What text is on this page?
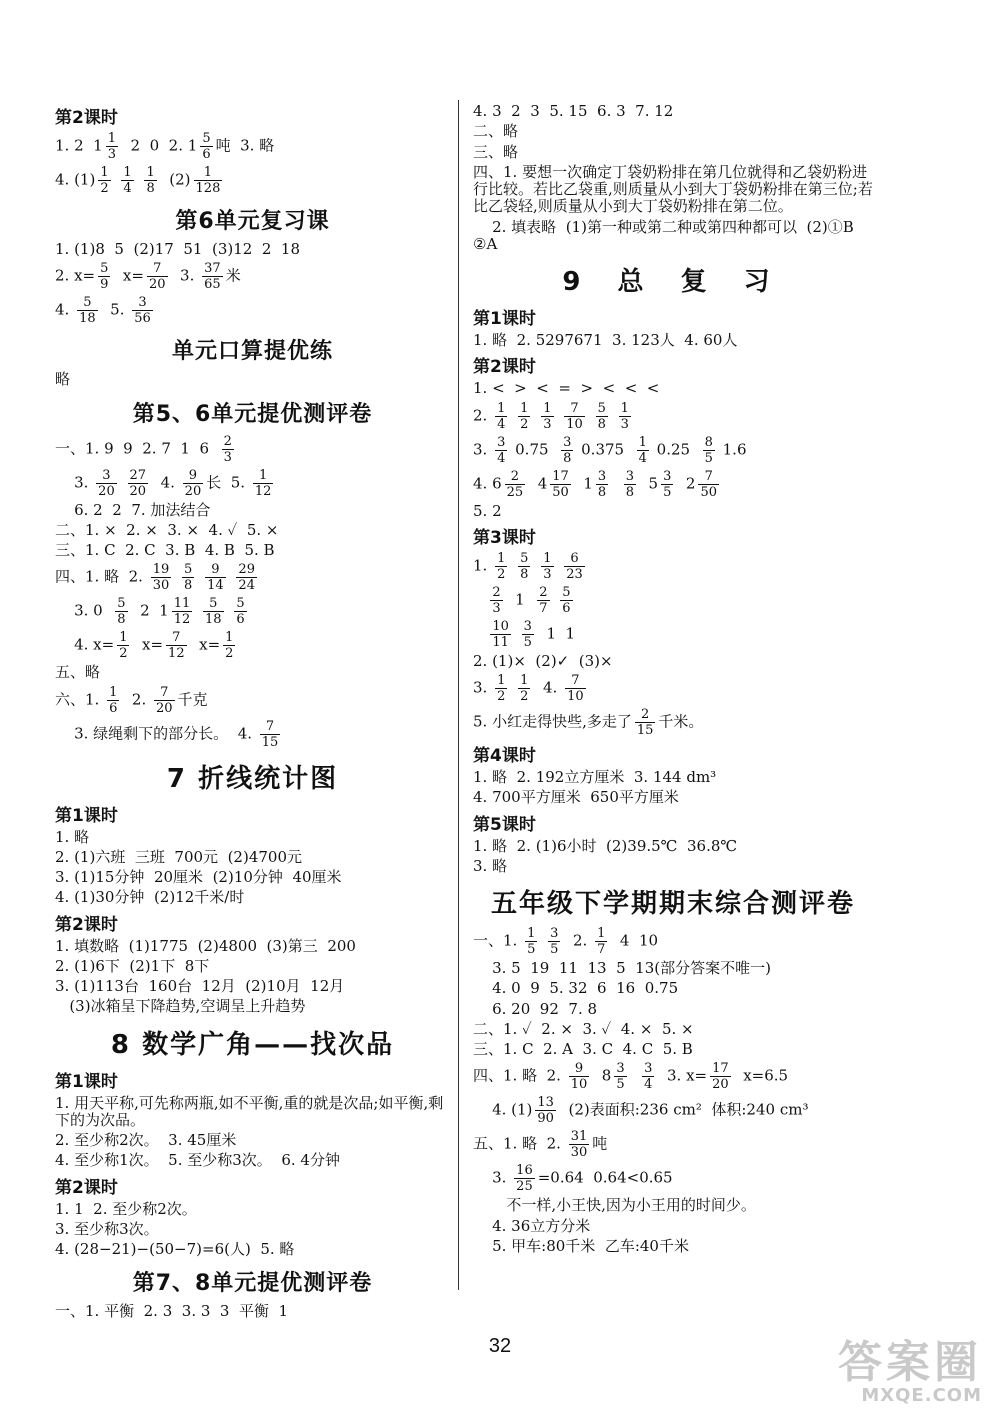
第2课时
1. 2  $1 \frac{1}{3} 2$  0  2. $1 \frac{5}{6}$ 吨  3. 略
4. $(1) \frac{1}{2}$
$\frac{1}{4}$
$\frac{1}{8} (2) \frac{1}{128}$
第6单元复习课
1. (1)8  5  (2)17  51  (3)12  2  18
2. $x= \frac{5}{9} x= \frac{7}{20} 3$. $\frac{37}{65}$ 米
4. $\frac{5}{18} 5$. $\frac{3}{56}$
单元口算提优练
略
第5、6单元提优测评卷
一、1. 9  9  2. 7  1  $6 \frac{2}{3}$
3. $\frac{3}{20}$
$\frac{27}{20} 4$. $\frac{9}{20}$ 长  5. $\frac{1}{12}$
6. 2  2  7. 加法结合
二、1. ×  2. ×  3. ×  4. ✓  5. ×
三、1. C  2. C  3. B  4. B  5. B
四、1. 略  2. $\frac{19}{30}$
$\frac{5}{8}$
$\frac{9}{14}$
$\frac{29}{24}$
3. $0 \frac{5}{8} 2$  $1 \frac{11}{12}$
$\frac{5}{18}$
$\frac{5}{6}$
4. $x= \frac{1}{2} x= \frac{7}{12} x= \frac{1}{2}$
五、略
六、1. $\frac{1}{6} 2$. $\frac{7}{20}$ 千克
3. 绿绳剩下的部分长。  4. $\frac{7}{15}$
7 折线统计图
第1课时
1. 略
2. (1)六班  三班  700元  (2)4700元
3. (1)15分钟  20厘米  (2)10分钟  40厘米
4. (1)30分钟  (2)12千米/时
第2课时
1. 填数略  (1)1775  (2)4800  (3)第三  200
2. (1)6下  (2)1下  8下
3. (1)113台  160台  12月  (2)10月  12月
(3)冰箱呈下降趋势,空调呈上升趋势
8 数学广角——找次品
第1课时
1. 用天平称,可先称两瓶,如不平衡,重的就是次品;如平衡,剩下的为次品。
2. 至少称2次。  3. 45厘米
4. 至少称1次。  5. 至少称3次。  6. 4分钟
第2课时
1. 1  2. 至少称2次。
3. 至少称3次。
4. (28−21)−(50−7)=6(人)  5. 略
第7、8单元提优测评卷
一、1. 平衡  2. 3  3. 3  3  平衡  1
4. 3  2  3  5. 15  6. 3  7. 12
二、略
三、略
四、1. 要想一次确定丁袋奶粉排在第几位就得和乙袋奶粉进行比较。若比乙袋重,则质量从小到大丁袋奶粉排在第三位;若比乙袋轻,则质量从小到大丁袋奶粉排在第二位。
2. 填表略  (1)第一种或第二种或第四种都可以  (2)①B  ②A
9 总 复 习
第1课时
1. 略  2. 5297671  3. 123人  4. 60人
第2课时
1. <  >  <  =  >  <  <  <
2. $\frac{1}{4}$
$\frac{1}{2}$
$\frac{1}{3}$
$\frac{7}{10}$
$\frac{5}{8}$
$\frac{1}{3}$
3. $\frac{3}{4} 0.75 \frac{3}{8} 0.375 \frac{1}{4} 0.25 \frac{8}{5} 1.6$
4. $6 \frac{2}{25} 4 \frac{17}{50} 1 \frac{3}{8}$
$\frac{3}{8} 5 \frac{3}{5} 2 \frac{7}{50}$
5. 2
第3课时
1. $\frac{1}{2}$
$\frac{5}{8}$
$\frac{1}{3}$
$\frac{6}{23}$

$\frac{2}{3} 1 \frac{2}{7}$
$\frac{5}{6}$

$\frac{10}{11}$
$\frac{3}{5} 1$  1
2. (1)×  (2)✓  (3)×
3. $\frac{1}{2}$
$\frac{1}{2} 4$. $\frac{7}{10}$
5. 小红走得快些,多走了 $\frac{2}{15}$ 千米。
第4课时
1. 略  2. 192立方厘米  3. 144 dm³
4. 700平方厘米  650平方厘米
第5课时
1. 略  2. (1)6小时  (2)39.5℃  36.8℃
3. 略
五年级下学期期末综合测评卷
一、1. $\frac{1}{5}$
$\frac{3}{5} 2$. $\frac{1}{7} 4$  10
3. 5  19  11  13  5  13(部分答案不唯一)
4. 0  9  5. 32  6  16  0.75
6. 20  92  7. 8
二、1. ✓  2. ×  3. ✓  4. ×  5. ×
三、1. C  2. A  3. C  4. C  5. B
四、1. 略  2. $\frac{9}{10} 8 \frac{3}{5}$
$\frac{3}{4} 3$. $x= \frac{17}{20} x=6.5$
4. $(1) \frac{13}{90} (2)$表面积:236 cm²  体积:240 cm³
五、1. 略  2. $\frac{31}{30}$ 吨
3. $\frac{16}{25} =0.64$  0.64<0.65
不一样,小王快,因为小王用的时间少。
4. 36立方分米
5. 甲车:80千米  乙车:40千米
32	答案圈
MXQE.COM
